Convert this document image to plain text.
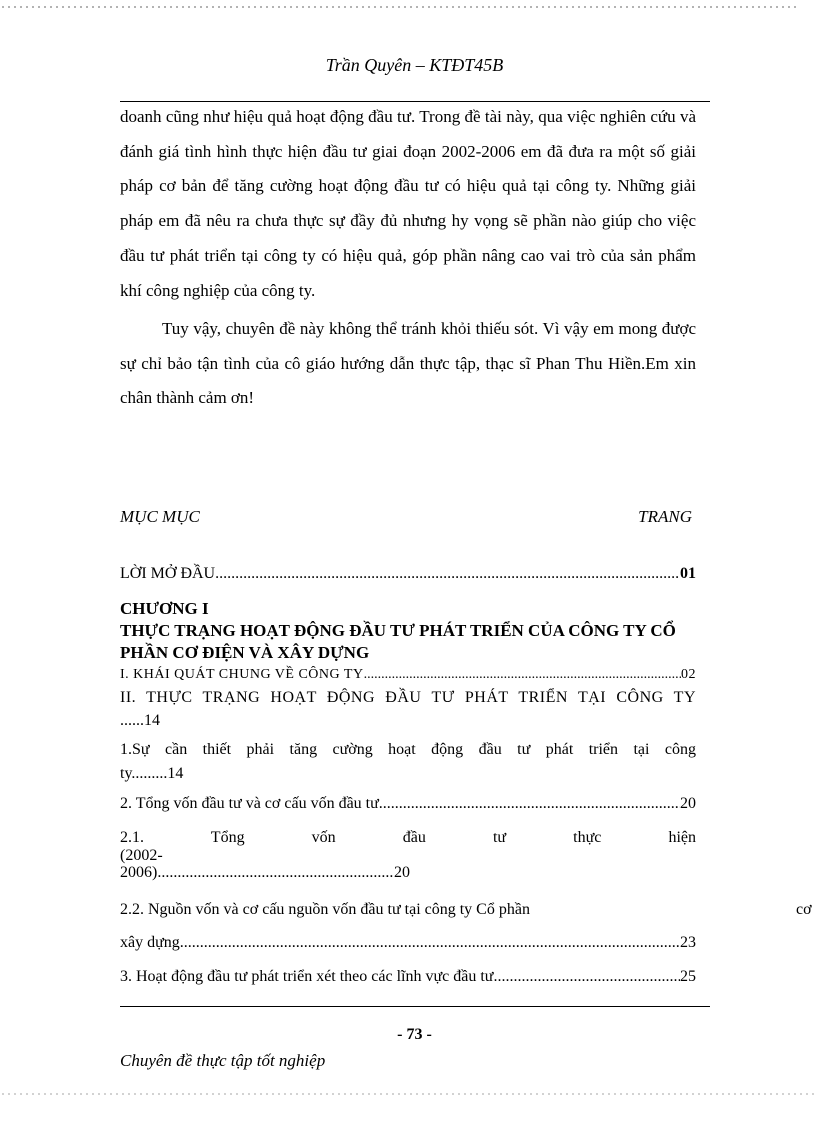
Trần Quyên – KTĐT45B

doanh cũng như hiệu quả hoạt động đầu tư. Trong đề tài này, qua việc nghiên cứu và đánh giá tình hình thực hiện đầu tư giai đoạn 2002-2006 em đã đưa ra một số giải pháp cơ bản để tăng cường hoạt động đầu tư có hiệu quả tại công ty. Những giải pháp em đã nêu ra chưa thực sự đầy đủ nhưng hy vọng sẽ phần nào giúp cho việc đầu tư phát triển tại công ty có hiệu quả, góp phần nâng cao vai trò của sản phẩm khí công nghiệp của công ty.

Tuy vậy, chuyên đề này không thể tránh khỏi thiếu sót. Vì vậy em mong được sự chỉ bảo tận tình của cô giáo hướng dẫn thực tập, thạc sĩ Phan Thu Hiền.Em xin chân thành cảm ơn!

MỤC MỤC	TRANG
LỜI MỞ ĐẦU .....	01
CHƯƠNG I
THỰC TRẠNG HOẠT ĐỘNG ĐẦU TƯ PHÁT TRIỂN CỦA CÔNG TY CỔ PHẦN CƠ ĐIỆN VÀ XÂY DỰNG
I. KHÁI QUÁT CHUNG VỀ CÔNG TY .....	02
II. THỰC TRẠNG HOẠT ĐỘNG ĐẦU TƯ PHÁT TRIỂN TẠI CÔNG TY
......14
1.Sự cần thiết phải tăng cường hoạt động đầu tư phát triển tại công
ty.........14
2. Tổng vốn đầu tư và cơ cấu vốn đầu tư .....	20
2.1. Tổng vốn đầu tư thực hiện (2002-
2006) .....	20
2.2. Nguồn vốn và cơ cấu nguồn vốn đầu tư tại công ty Cổ phần	cơ
xây dựng .....	23
3. Hoạt động đầu tư phát triển xét theo các lĩnh vực đầu tư .....	25
- 73 -
Chuyên đề thực tập tốt nghiệp
